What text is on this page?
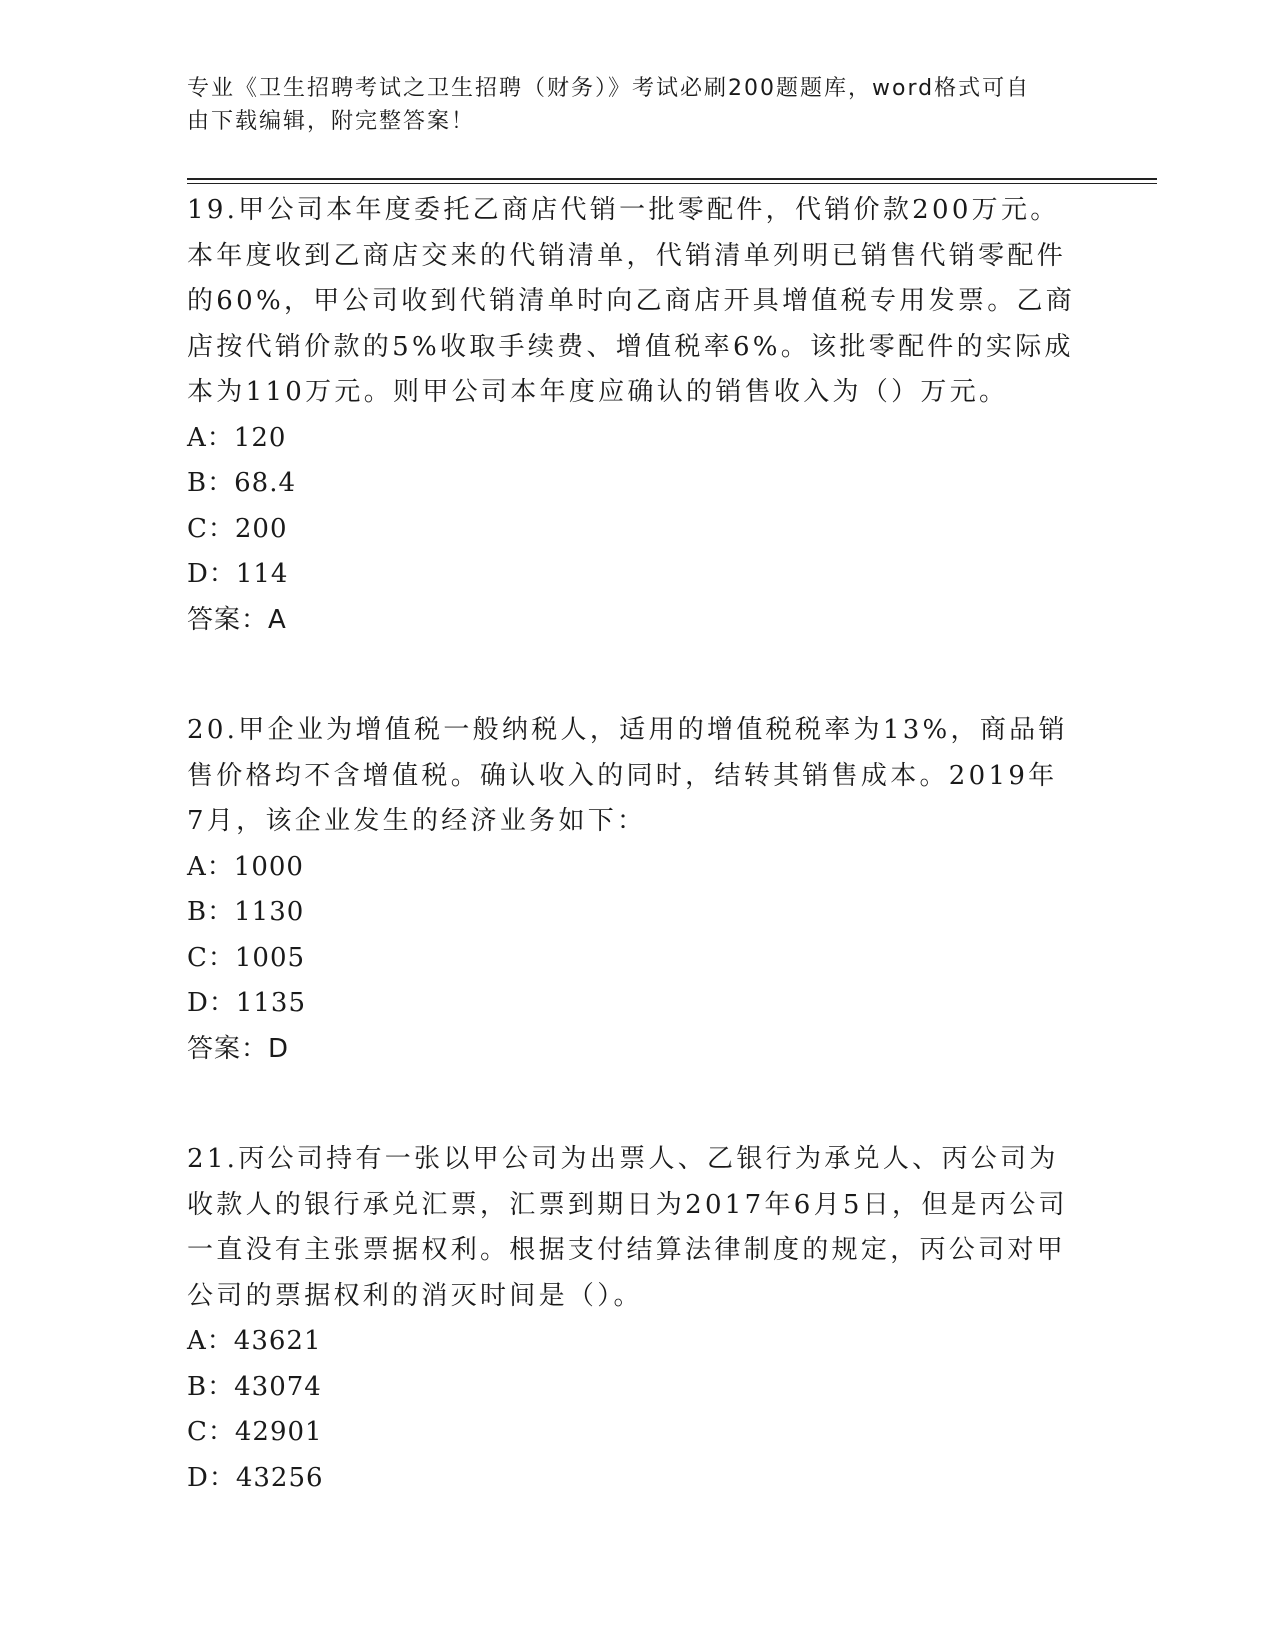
专业《卫生招聘考试之卫生招聘（财务）》考试必刷200题题库，word格式可自
由下载编辑，附完整答案！

19.甲公司本年度委托乙商店代销一批零配件，代销价款200万元。本年度收到乙商店交来的代销清单，代销清单列明已销售代销零配件的60%，甲公司收到代销清单时向乙商店开具增值税专用发票。乙商店按代销价款的5%收取手续费、增值税率6%。该批零配件的实际成本为110万元。则甲公司本年度应确认的销售收入为（）万元。

A：120

B：68.4

C：200

D：114

答案：A

20.甲企业为增值税一般纳税人，适用的增值税税率为13%，商品销售价格均不含增值税。确认收入的同时，结转其销售成本。2019年7月，该企业发生的经济业务如下：

A：1000

B：1130

C：1005

D：1135

答案：D

21.丙公司持有一张以甲公司为出票人、乙银行为承兑人、丙公司为收款人的银行承兑汇票，汇票到期日为2017年6月5日，但是丙公司一直没有主张票据权利。根据支付结算法律制度的规定，丙公司对甲公司的票据权利的消灭时间是（）。

A：43621

B：43074

C：42901

D：43256
